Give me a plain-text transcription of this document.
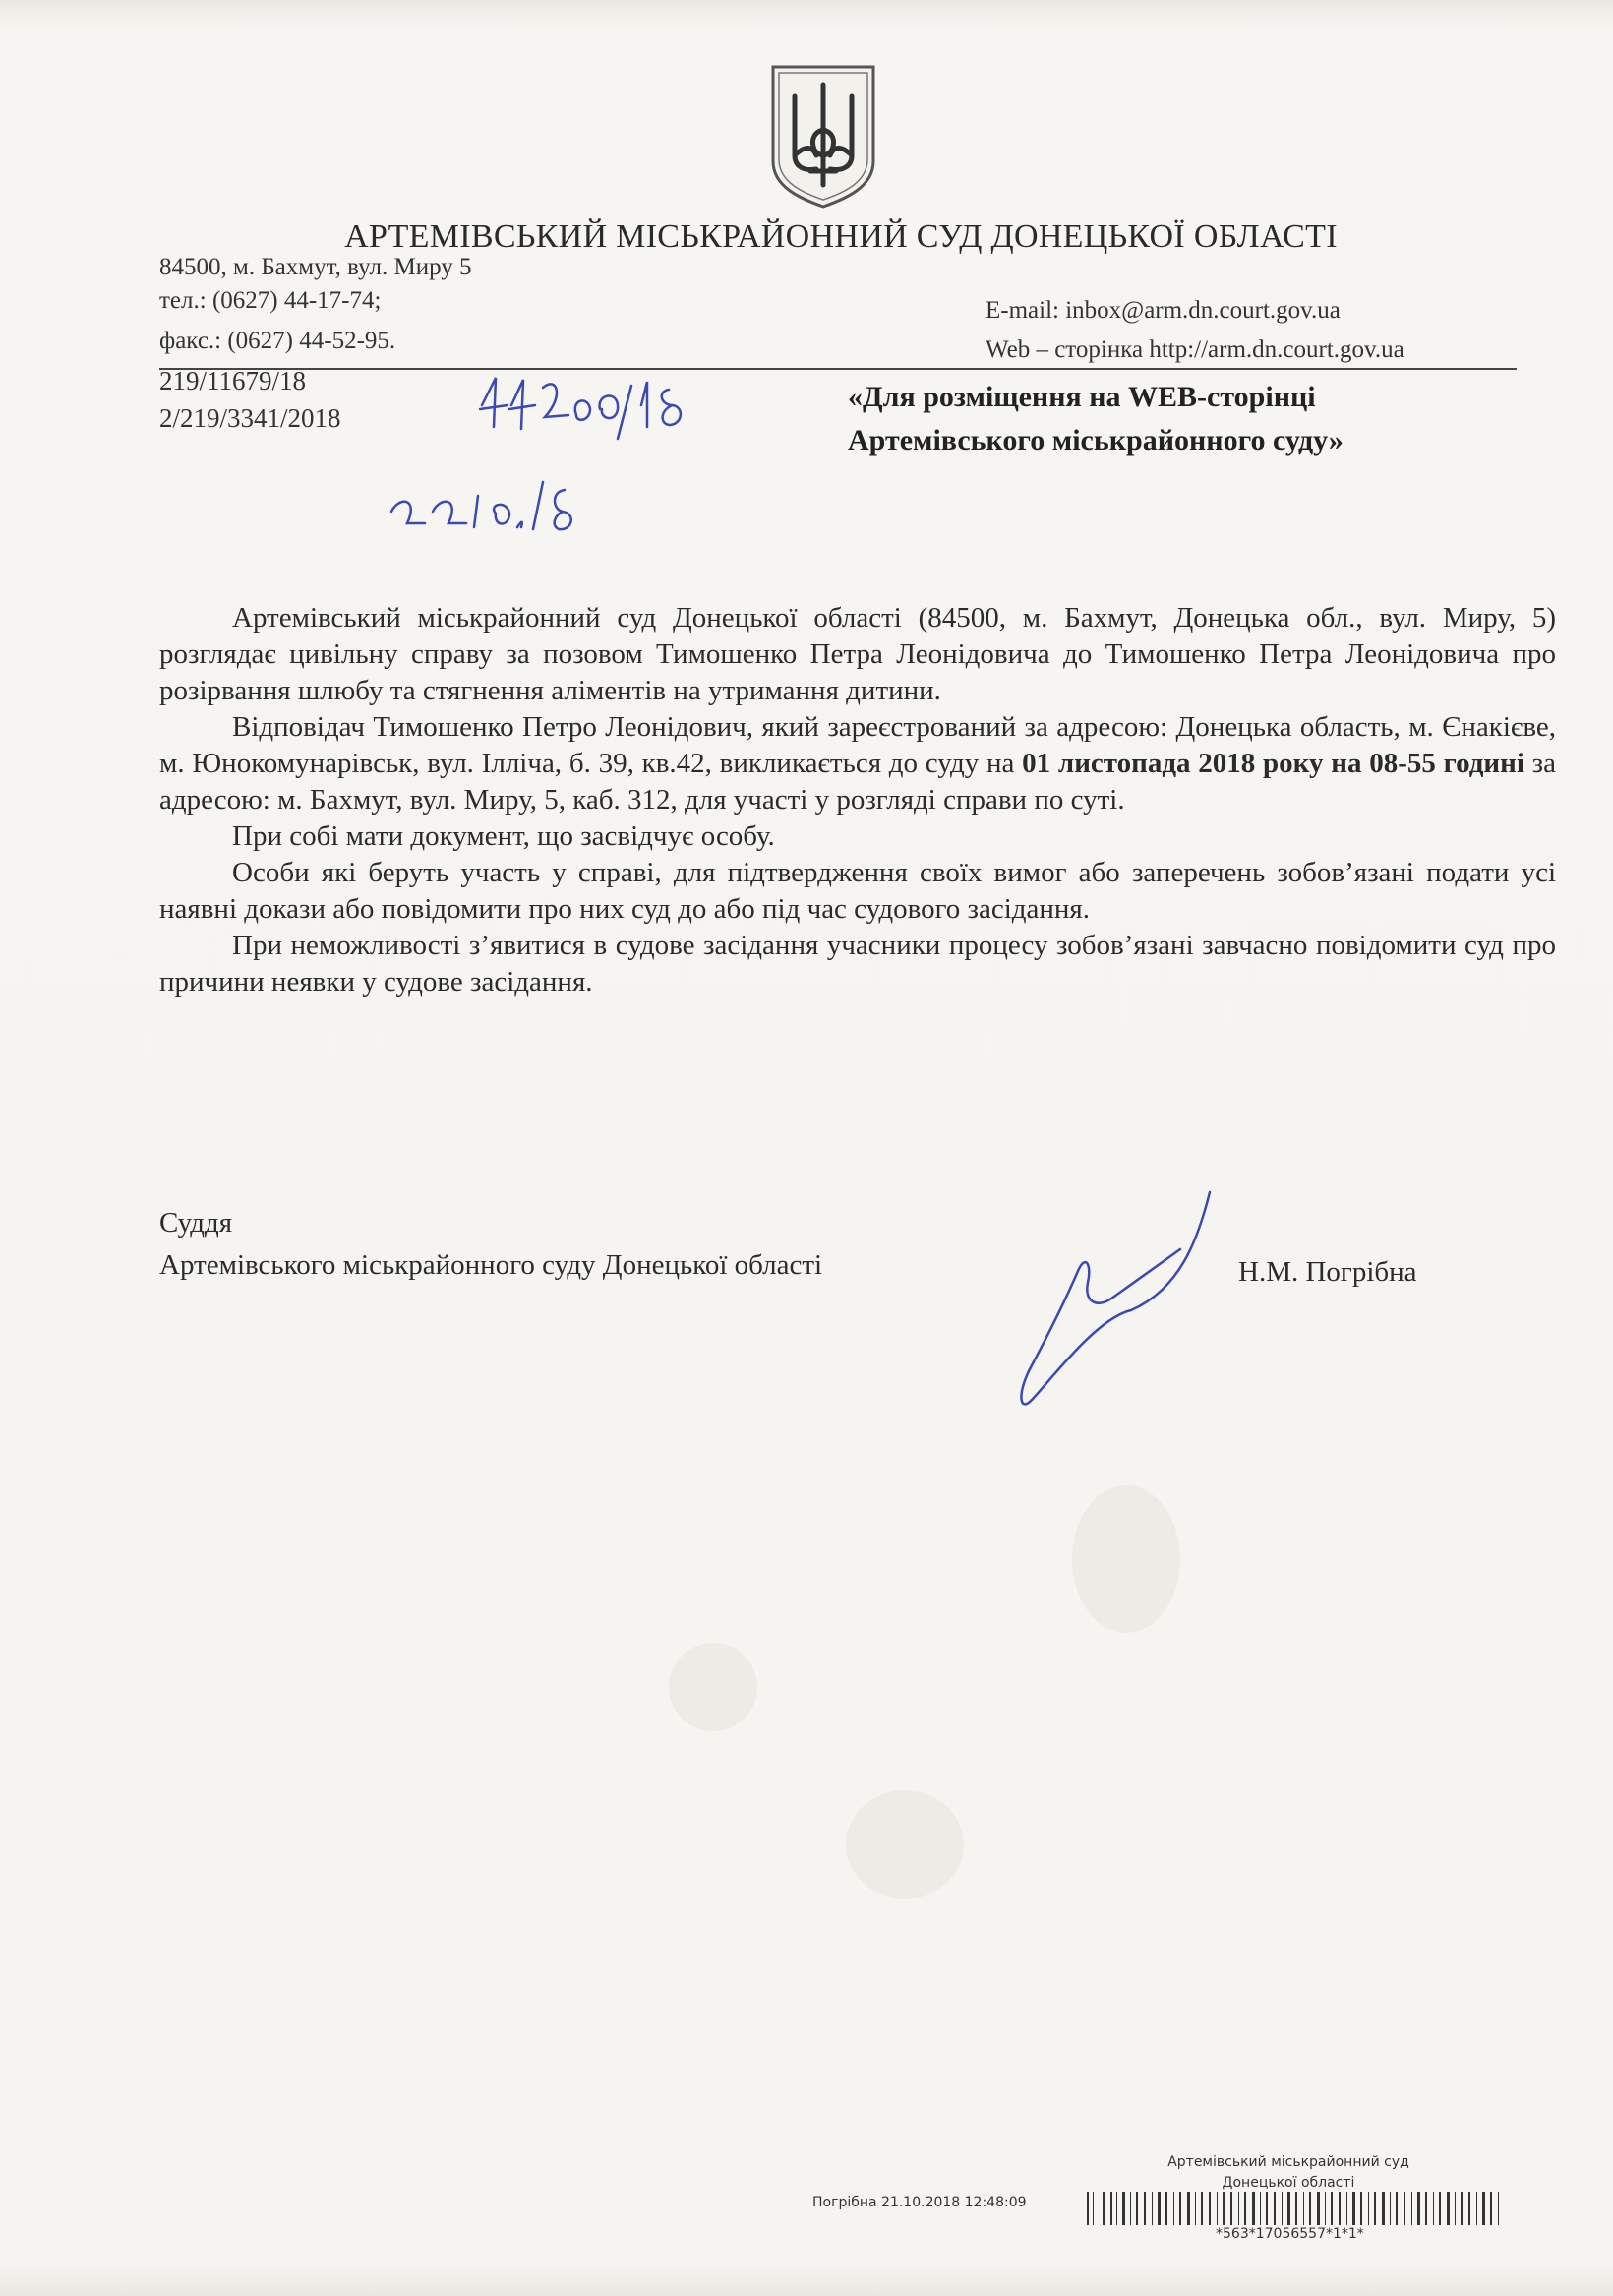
АРТЕМІВСЬКИЙ МІСЬКРАЙОННИЙ СУД ДОНЕЦЬКОЇ ОБЛАСТІ
84500, м. Бахмут, вул. Миру 5
тел.: (0627) 44-17-74;
факс.: (0627) 44-52-95.
E-mail: inbox@arm.dn.court.gov.ua
Web – сторінка http://arm.dn.court.gov.ua
219/11679/18
2/219/3341/2018
«Для розміщення на WEB-сторінці
Артемівського міськрайонного суду»

Артемівський міськрайонний суд Донецької області (84500, м. Бахмут, Донецька обл., вул. Миру, 5) розглядає цивільну справу за позовом Тимошенко Петра Леонідовича до Тимошенко Петра Леонідовича про розірвання шлюбу та стягнення аліментів на утримання дитини.

Відповідач Тимошенко Петро Леонідович, який зареєстрований за адресою: Донецька область, м. Єнакієве, м. Юнокомунарівськ, вул. Ілліча, б. 39, кв.42, викликається до суду на 01 листопада 2018 року на 08-55 годині за адресою: м. Бахмут, вул. Миру, 5, каб. 312, для участі у розгляді справи по суті.

При собі мати документ, що засвідчує особу.

Особи які беруть участь у справі, для підтвердження своїх вимог або заперечень зобов’язані подати усі наявні докази або повідомити про них суд до або під час судового засідання.

При неможливості з’явитися в судове засідання учасники процесу зобов’язані завчасно повідомити суд про причини неявки у судове засідання.

Суддя
Артемівського міськрайонного суду Донецької області	Н.М. Погрібна
Артемівський міськрайонний суд
Донецької області
Погрібна 21.10.2018 12:48:09
*563*17056557*1*1*
